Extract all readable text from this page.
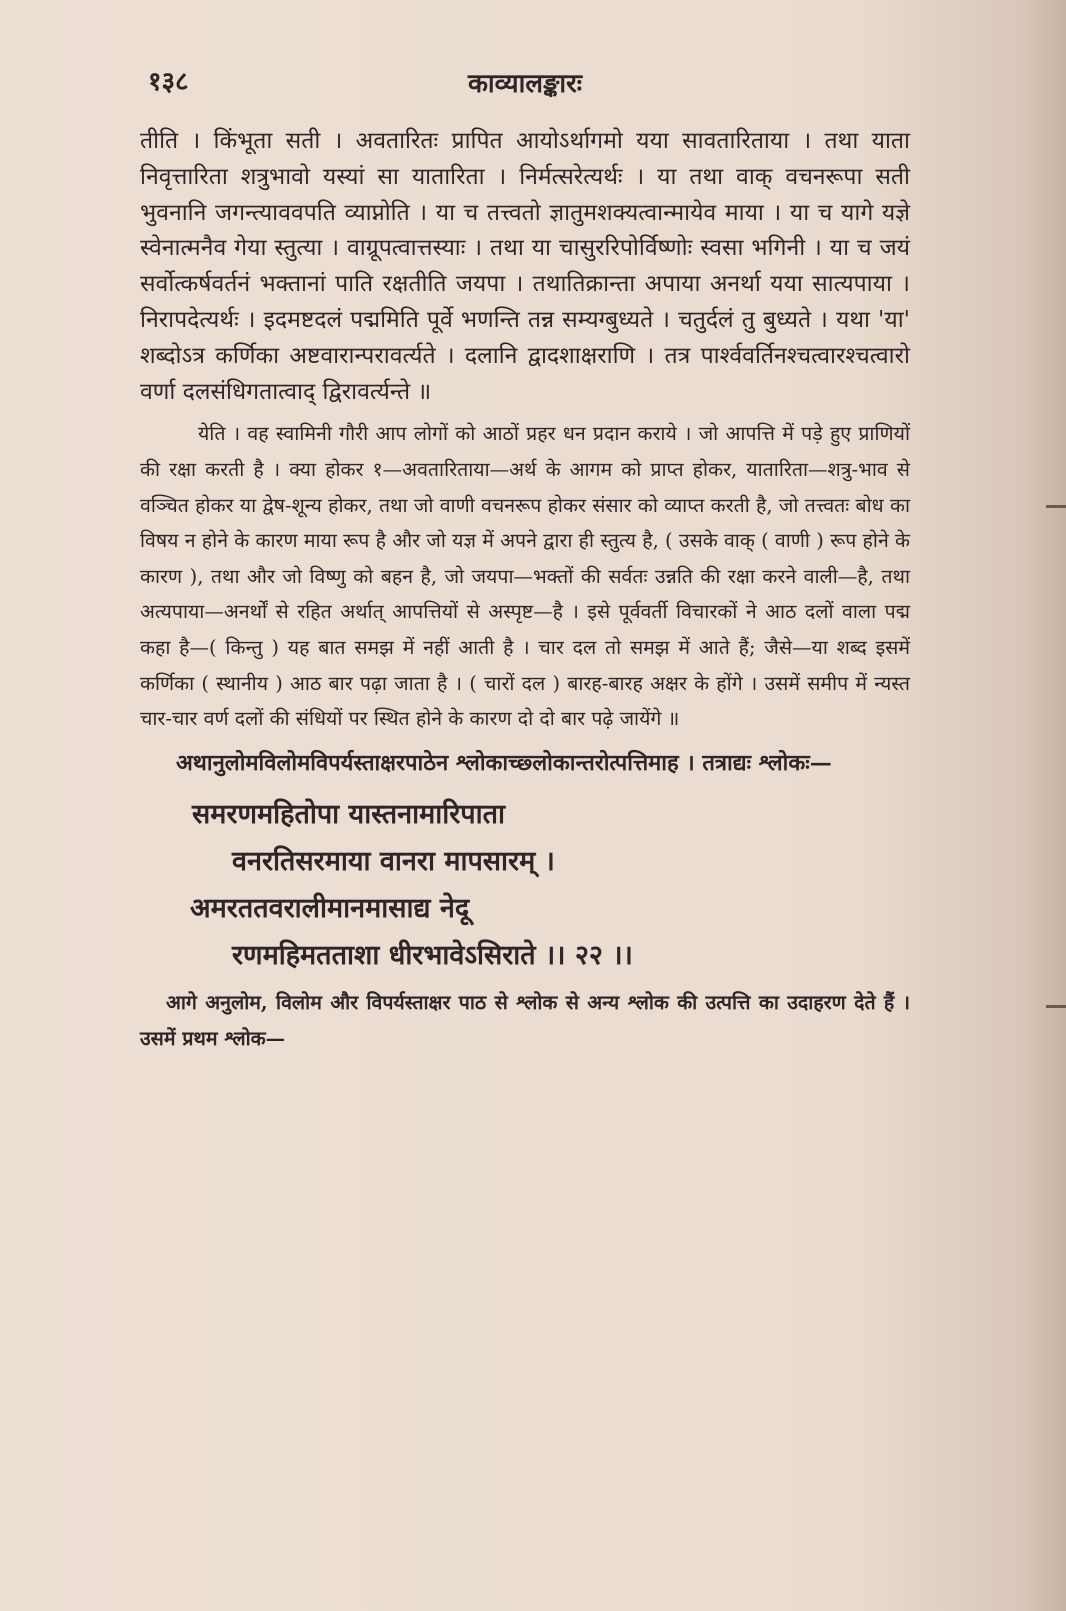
१३८	काव्यालङ्कारः

तीति । किंभूता सती । अवतारितः प्रापित आयोऽर्थागमो यया सावतारिताया । तथा याता निवृत्तारिता शत्रुभावो यस्यां सा यातारिता । निर्मत्सरेत्यर्थः । या तथा वाक् वचनरूपा सती भुवनानि जगन्त्याववपति व्याप्नोति । या च तत्त्वतो ज्ञातुमशक्यत्वान्मायेव माया । या च यागे यज्ञे स्वेनात्मनैव गेया स्तुत्या । वाग्रूपत्वात्तस्याः । तथा या चासुररिपोर्विष्णोः स्वसा भगिनी । या च जयं सर्वोत्कर्षवर्तनं भक्तानां पाति रक्षतीति जयपा । तथातिक्रान्ता अपाया अनर्था यया सात्यपाया । निरापदेत्यर्थः । इदमष्टदलं पद्ममिति पूर्वे भणन्ति तन्न सम्यग्बुध्यते । चतुर्दलं तु बुध्यते । यथा 'या' शब्दोऽत्र कर्णिका अष्टवारान्परावर्त्यते । दलानि द्वादशाक्षराणि । तत्र पार्श्ववर्तिनश्चत्वारश्चत्वारो वर्णा दलसंधिगतात्वाद् द्विरावर्त्यन्ते ॥

येति । वह स्वामिनी गौरी आप लोगों को आठों प्रहर धन प्रदान कराये । जो आपत्ति में पड़े हुए प्राणियों की रक्षा करती है । क्या होकर १—अवतारिताया—अर्थ के आगम को प्राप्त होकर, यातारिता—शत्रु-भाव से वञ्चित होकर या द्वेष-शून्य होकर, तथा जो वाणी वचनरूप होकर संसार को व्याप्त करती है, जो तत्त्वतः बोध का विषय न होने के कारण माया रूप है और जो यज्ञ में अपने द्वारा ही स्तुत्य है, ( उसके वाक् ( वाणी ) रूप होने के कारण ), तथा और जो विष्णु को बहन है, जो जयपा—भक्तों की सर्वतः उन्नति की रक्षा करने वाली—है, तथा अत्यपाया—अनर्थों से रहित अर्थात् आपत्तियों से अस्पृष्ट—है । इसे पूर्ववर्ती विचारकों ने आठ दलों वाला पद्म कहा है—( किन्तु ) यह बात समझ में नहीं आती है । चार दल तो समझ में आते हैं; जैसे—या शब्द इसमें कर्णिका ( स्थानीय ) आठ बार पढ़ा जाता है । ( चारों दल ) बारह-बारह अक्षर के होंगे । उसमें समीप में न्यस्त चार-चार वर्ण दलों की संधियों पर स्थित होने के कारण दो दो बार पढ़े जायेंगे ॥

अथानुलोमविलोमविपर्यस्ताक्षरपाठेन श्लोकाच्छ्लोकान्तरोत्पत्तिमाह । तत्राद्यः श्लोकः—

समरणमहितोपा यास्तनामारिपाता
वनरतिसरमाया वानरा मापसारम् ।
अमरततवरालीमानमासाद्य नेदू
रणमहिमतताशा धीरभावेऽसिराते ।। २२ ।।

आगे अनुलोम, विलोम और विपर्यस्ताक्षर पाठ से श्लोक से अन्य श्लोक की उत्पत्ति का उदाहरण देते हैं । उसमें प्रथम श्लोक—
